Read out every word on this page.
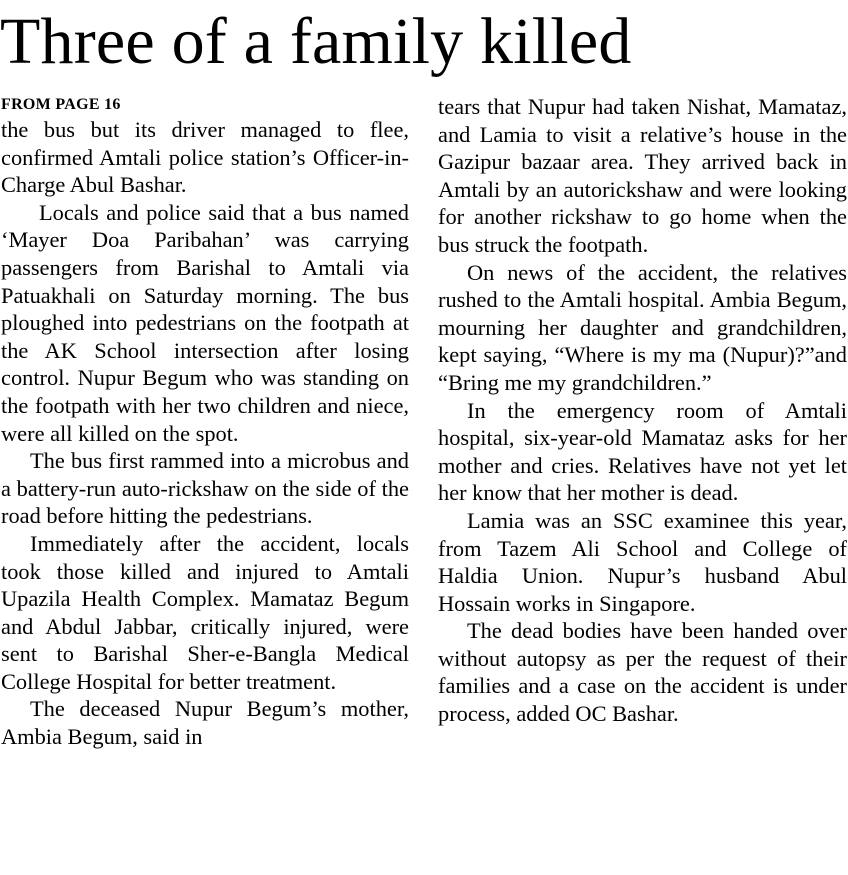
Three of a family killed
FROM PAGE 16

the bus but its driver managed to flee, confirmed Amtali police station’s Officer-in-Charge Abul Bashar.

Locals and police said that a bus named ‘Mayer Doa Paribahan’ was carrying passengers from Barishal to Amtali via Patuakhali on Saturday morning. The bus ploughed into pedestrians on the footpath at the AK School intersection after losing control. Nupur Begum who was standing on the footpath with her two children and niece, were all killed on the spot.

The bus first rammed into a microbus and a battery-run auto-rickshaw on the side of the road before hitting the pedestrians.

Immediately after the accident, locals took those killed and injured to Amtali Upazila Health Complex. Mamataz Begum and Abdul Jabbar, critically injured, were sent to Barishal Sher-e-Bangla Medical College Hospital for better treatment.

The deceased Nupur Begum’s mother, Ambia Begum, said in

tears that Nupur had taken Nishat, Mamataz, and Lamia to visit a relative’s house in the Gazipur bazaar area. They arrived back in Amtali by an autorickshaw and were looking for another rickshaw to go home when the bus struck the footpath.

On news of the accident, the relatives rushed to the Amtali hospital. Ambia Begum, mourning her daughter and grandchildren, kept saying, “Where is my ma (Nupur)?”and “Bring me my grandchildren.”

In the emergency room of Amtali hospital, six-year-old Mamataz asks for her mother and cries. Relatives have not yet let her know that her mother is dead.

Lamia was an SSC examinee this year, from Tazem Ali School and College of Haldia Union. Nupur’s husband Abul Hossain works in Singapore.

The dead bodies have been handed over without autopsy as per the request of their families and a case on the accident is under process, added OC Bashar.
